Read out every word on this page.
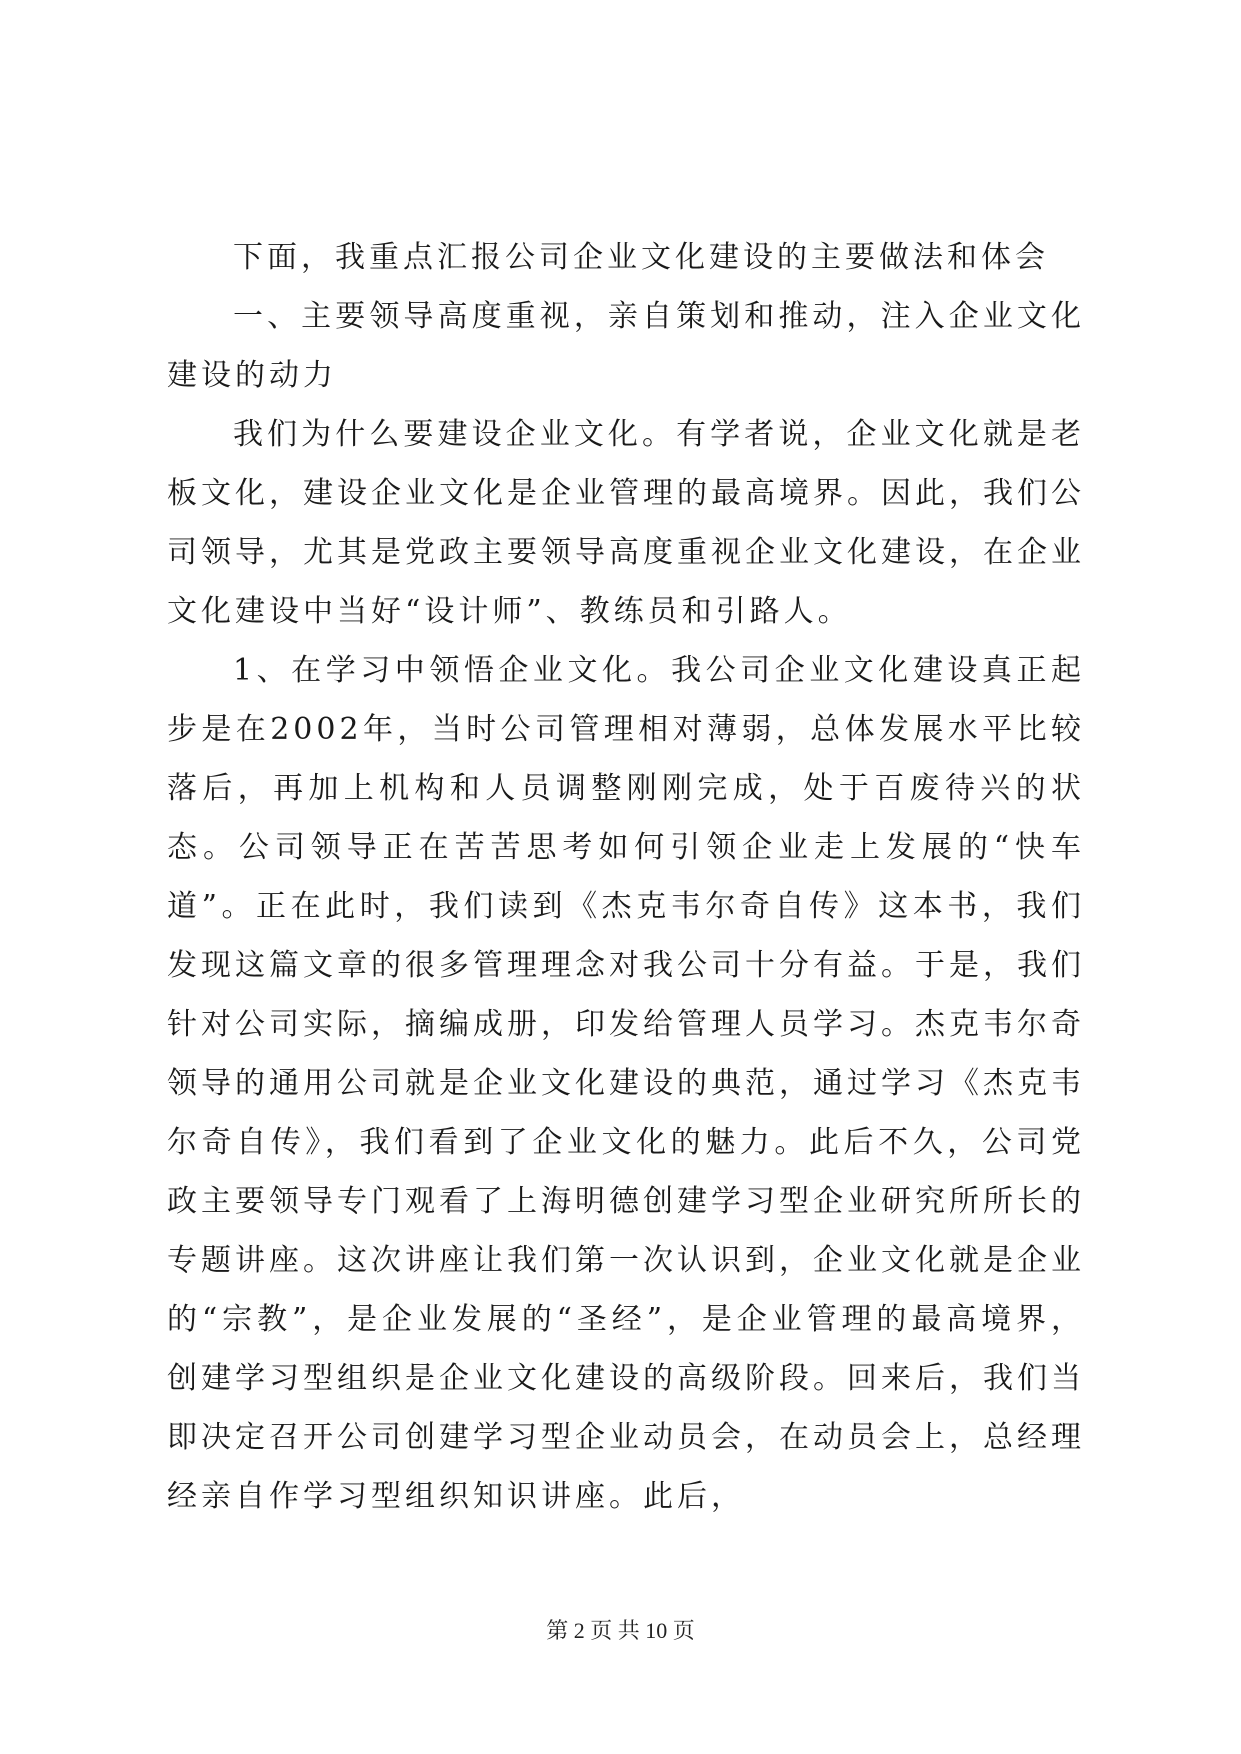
下面，我重点汇报公司企业文化建设的主要做法和体会

一、主要领导高度重视，亲自策划和推动，注入企业文化建设的动力

我们为什么要建设企业文化。有学者说，企业文化就是老板文化，建设企业文化是企业管理的最高境界。因此，我们公司领导，尤其是党政主要领导高度重视企业文化建设，在企业文化建设中当好“设计师”、教练员和引路人。

1、在学习中领悟企业文化。我公司企业文化建设真正起步是在2002年，当时公司管理相对薄弱，总体发展水平比较落后，再加上机构和人员调整刚刚完成，处于百废待兴的状态。公司领导正在苦苦思考如何引领企业走上发展的“快车道”。正在此时，我们读到《杰克韦尔奇自传》这本书，我们发现这篇文章的很多管理理念对我公司十分有益。于是，我们针对公司实际，摘编成册，印发给管理人员学习。杰克韦尔奇领导的通用公司就是企业文化建设的典范，通过学习《杰克韦尔奇自传》，我们看到了企业文化的魅力。此后不久，公司党政主要领导专门观看了上海明德创建学习型企业研究所所长的专题讲座。这次讲座让我们第一次认识到，企业文化就是企业的“宗教”，是企业发展的“圣经”，是企业管理的最高境界，创建学习型组织是企业文化建设的高级阶段。回来后，我们当即决定召开公司创建学习型企业动员会，在动员会上，总经理经亲自作学习型组织知识讲座。此后，

第 2 页 共 10 页
